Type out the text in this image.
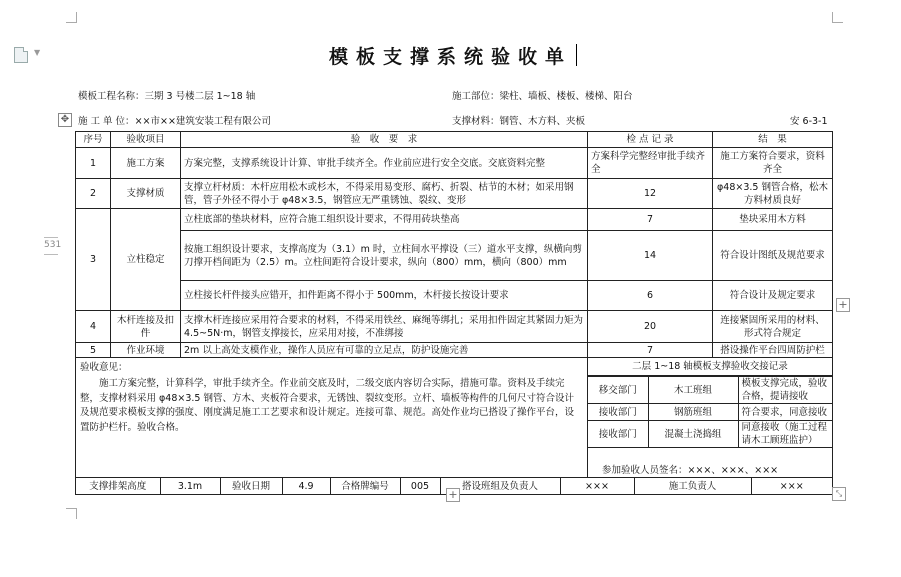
▼
531
模板支撑系统验收单
模板工程名称：三期 3 号楼二层 1~18 轴	施工部位：梁柱、墙板、楼板、楼梯、阳台
施 工 单 位：××市××建筑安装工程有限公司	支撑材料：钢管、木方料、夹板	安 6-3-1
✥
序号	验收项目	验　收　要　求	检 点 记 录	结　果
1	施工方案	方案完整，支撑系统设计计算、审批手续齐全。作业前应进行安全交底。交底资料完整	方案科学完整经审批手续齐全	施工方案符合要求，资料齐全
2	支撑材质	支撑立杆材质：木杆应用松木或杉木，不得采用易变形、腐朽、折裂、枯节的木材；如采用钢管，管子外径不得小于 φ48×3.5，钢管应无严重锈蚀、裂纹、变形	12	φ48×3.5 钢管合格，松木方料材质良好
3	立柱稳定	立柱底部的垫块材料，应符合施工组织设计要求，不得用砖块垫高	7	垫块采用木方料
按施工组织设计要求，支撑高度为（3.1）m 时，立柱间水平撑设（三）道水平支撑，纵横向剪刀撑开档间距为（2.5）m。立柱间距符合设计要求，纵向（800）mm，横向（800）mm	14	符合设计图纸及规范要求
立柱接长杆件接头应错开，扣件距离不得小于 500mm，木杆接长按设计要求	6	符合设计及规定要求
4	木杆连接及扣件	支撑木杆连接应采用符合要求的材料，不得采用铁丝、麻绳等绑扎；采用扣件固定其紧固力矩为 4.5~5N·m，钢管支撑接长，应采用对接，不准绑接	20	连接紧固所采用的材料、形式符合规定
5	作业环境	2m 以上高处支模作业，操作人员应有可靠的立足点，防护设施完善	7	搭设操作平台四周防护栏

验收意见：
施工方案完整，计算科学，审批手续齐全。作业前交底及时，二级交底内容切合实际，措施可靠。资料及手续完整，支撑材料采用 φ48×3.5 钢管、方木、夹板符合要求，无锈蚀、裂纹变形。立杆、墙板等构件的几何尺寸符合设计及规范要求模板支撑的强度、刚度满足施工工艺要求和设计规定。连接可靠、规范。高处作业均已搭设了操作平台，设置防护栏杆。验收合格。

二层 1~18 轴模板支撑验收交接记录
移交部门	木工班组	模板支撑完成，验收合格，提请接收
接收部门	钢筋班组	符合要求，同意接收
接收部门	混凝土浇捣组	同意接收（施工过程请木工顾班监护）
参加验收人员签名：×××、×××、×××

支撑排架高度	3.1m	验收日期	4.9	合格牌编号	005	搭设班组及负责人	×××	施工负责人	×××
+
+	⤡
